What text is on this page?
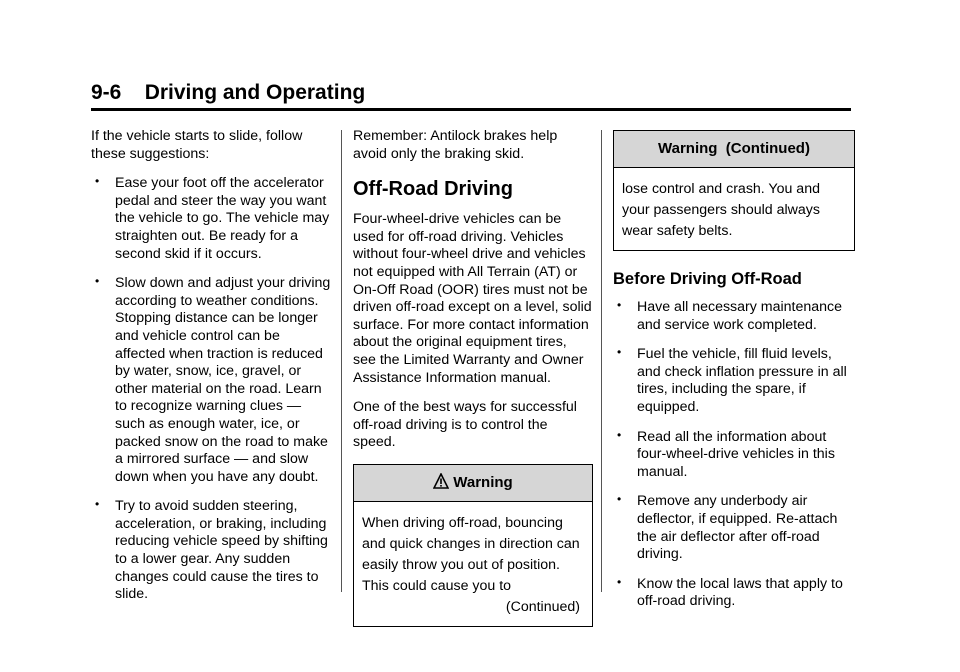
9-6 Driving and Operating

If the vehicle starts to slide, follow these suggestions:

• Ease your foot off the accelerator pedal and steer the way you want the vehicle to go. The vehicle may straighten out. Be ready for a second skid if it occurs.
• Slow down and adjust your driving according to weather conditions. Stopping distance can be longer and vehicle control can be affected when traction is reduced by water, snow, ice, gravel, or other material on the road. Learn to recognize warning clues — such as enough water, ice, or packed snow on the road to make a mirrored surface — and slow down when you have any doubt.
• Try to avoid sudden steering, acceleration, or braking, including reducing vehicle speed by shifting to a lower gear. Any sudden changes could cause the tires to slide.

Remember: Antilock brakes help avoid only the braking skid.

Off-Road Driving

Four-wheel-drive vehicles can be used for off-road driving. Vehicles without four-wheel drive and vehicles not equipped with All Terrain (AT) or On-Off Road (OOR) tires must not be driven off-road except on a level, solid surface. For more contact information about the original equipment tires, see the Limited Warranty and Owner Assistance Information manual.

One of the best ways for successful off-road driving is to control the speed.

Warning
When driving off-road, bouncing and quick changes in direction can easily throw you out of position. This could cause you to
(Continued)
Warning  (Continued)
lose control and crash. You and your passengers should always wear safety belts.
Before Driving Off-Road
• Have all necessary maintenance and service work completed.
• Fuel the vehicle, fill fluid levels, and check inflation pressure in all tires, including the spare, if equipped.
• Read all the information about four-wheel-drive vehicles in this manual.
• Remove any underbody air deflector, if equipped. Re-attach the air deflector after off-road driving.
• Know the local laws that apply to off-road driving.
